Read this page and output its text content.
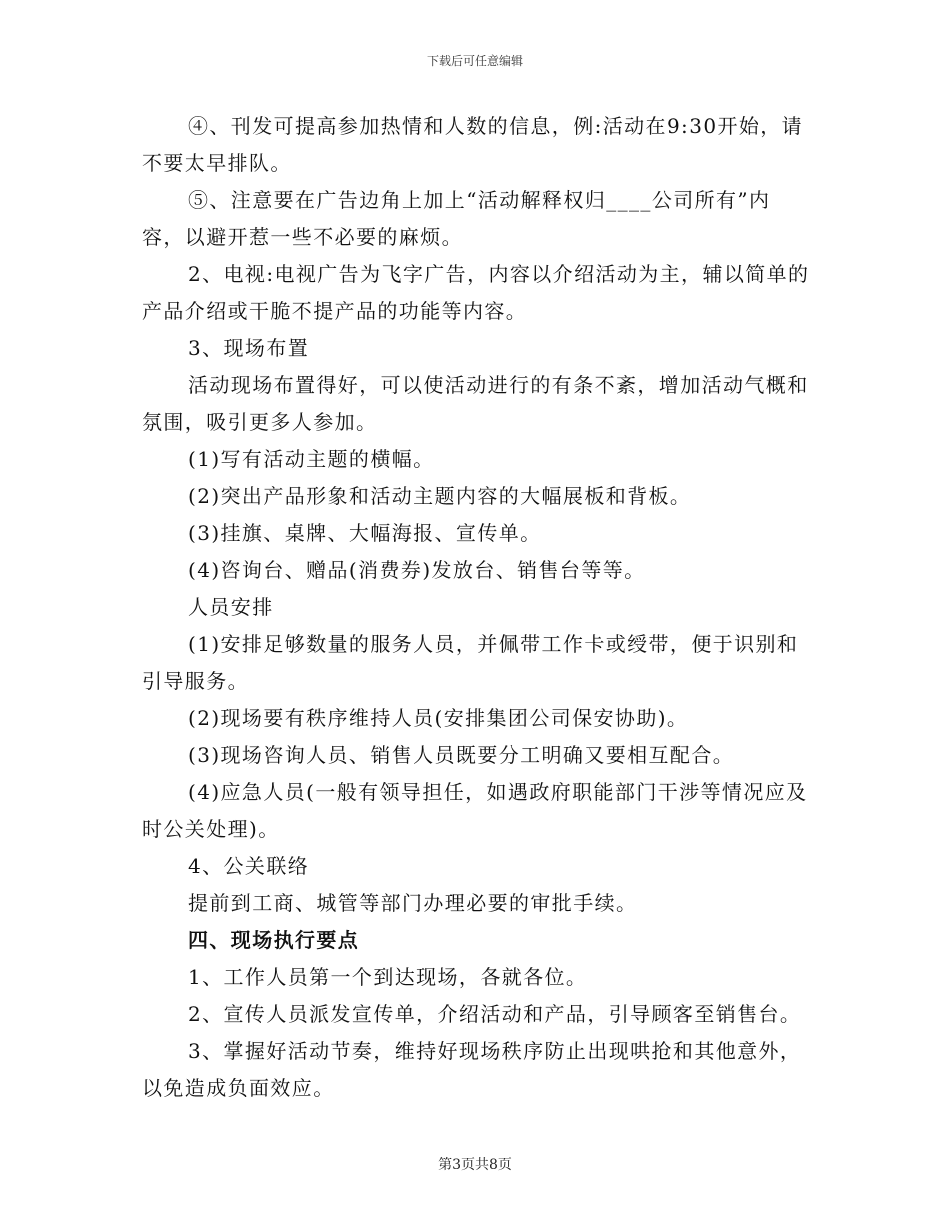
下载后可任意编辑

④、刊发可提高参加热情和人数的信息，例:活动在9:30开始，请不要太早排队。

⑤、注意要在广告边角上加上“活动解释权归____公司所有”内容，以避开惹一些不必要的麻烦。

2、电视:电视广告为飞字广告，内容以介绍活动为主，辅以简单的产品介绍或干脆不提产品的功能等内容。

3、现场布置

活动现场布置得好，可以使活动进行的有条不紊，增加活动气概和氛围，吸引更多人参加。

(1)写有活动主题的横幅。

(2)突出产品形象和活动主题内容的大幅展板和背板。

(3)挂旗、桌牌、大幅海报、宣传单。

(4)咨询台、赠品(消费券)发放台、销售台等等。

人员安排

(1)安排足够数量的服务人员，并佩带工作卡或绶带，便于识别和引导服务。

(2)现场要有秩序维持人员(安排集团公司保安协助)。

(3)现场咨询人员、销售人员既要分工明确又要相互配合。

(4)应急人员(一般有领导担任，如遇政府职能部门干涉等情况应及时公关处理)。

4、公关联络

提前到工商、城管等部门办理必要的审批手续。

四、现场执行要点

1、工作人员第一个到达现场，各就各位。

2、宣传人员派发宣传单，介绍活动和产品，引导顾客至销售台。

3、掌握好活动节奏，维持好现场秩序防止出现哄抢和其他意外，以免造成负面效应。

第3页共8页
